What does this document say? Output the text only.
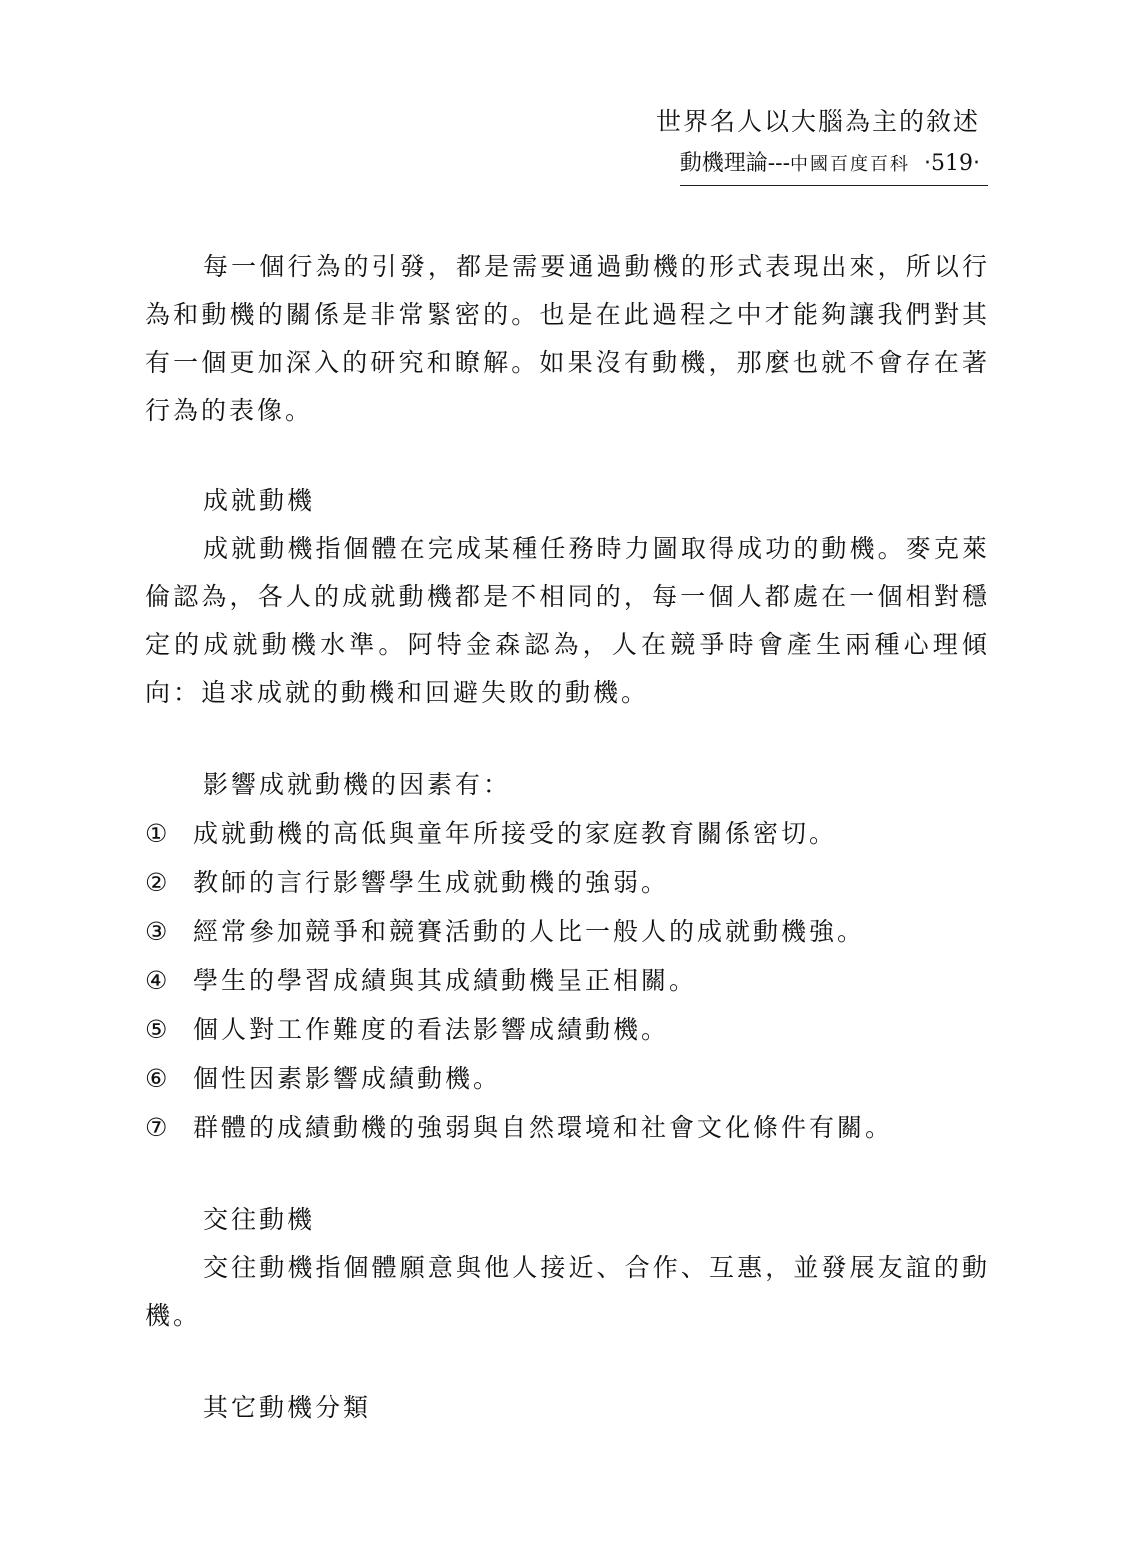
世界名人以大腦為主的敘述
動機理論---中國百度百科 ‧519‧

每一個行為的引發，都是需要通過動機的形式表現出來，所以行為和動機的關係是非常緊密的。也是在此過程之中才能夠讓我們對其有一個更加深入的研究和瞭解。如果沒有動機，那麼也就不會存在著行為的表像。

成就動機

成就動機指個體在完成某種任務時力圖取得成功的動機。麥克萊倫認為，各人的成就動機都是不相同的，每一個人都處在一個相對穩定的成就動機水準。阿特金森認為，人在競爭時會產生兩種心理傾向：追求成就的動機和回避失敗的動機。

影響成就動機的因素有：

①	成就動機的高低與童年所接受的家庭教育關係密切。
②	教師的言行影響學生成就動機的強弱。
③	經常參加競爭和競賽活動的人比一般人的成就動機強。
④	學生的學習成績與其成績動機呈正相關。
⑤	個人對工作難度的看法影響成績動機。
⑥	個性因素影響成績動機。
⑦	群體的成績動機的強弱與自然環境和社會文化條件有關。

交往動機

交往動機指個體願意與他人接近、合作、互惠，並發展友誼的動機。

其它動機分類
